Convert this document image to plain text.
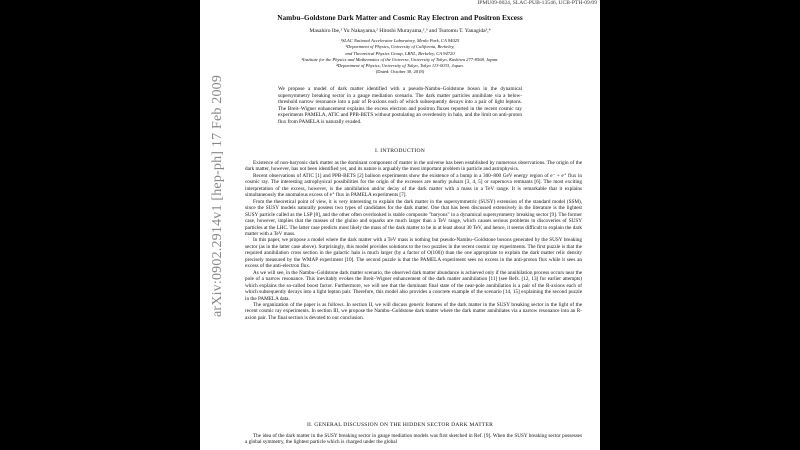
IPMU09-0024, SLAC-PUB-13546, UCB-PTH-09/09
Nambu–Goldstone Dark Matter and Cosmic Ray Electron and Positron Excess
Masahiro Ibe,¹ Yu Nakayama,² Hitoshi Murayama,²,³ and Tsutomu T. Yanagida³,⁴
¹SLAC National Accelerator Laboratory, Menlo Park, CA 94025
²Department of Physics, University of California, Berkeley,
and Theoretical Physics Group, LBNL, Berkeley, CA 94720
³Institute for the Physics and Mathematics of the Universe, University of Tokyo, Kashiwa 277-8568, Japan.
⁴Department of Physics, University of Tokyo, Tokyo 113-0033, Japan.
(Dated: October 30, 2018)
We propose a model of dark matter identified with a pseudo-Nambu–Goldstone boson in the dynamical supersymmetry breaking sector in a gauge mediation scenario. The dark matter particles annihilate via a below-threshold narrow resonance into a pair of R-axions each of which subsequently decays into a pair of light leptons. The Breit–Wigner enhancement explains the excess electron and positron fluxes reported in the recent cosmic ray experiments PAMELA, ATIC and PPB-BETS without postulating an overdensity in halo, and the limit on anti-proton flux from PAMELA is naturally evaded.
arXiv:0902.2914v1 [hep-ph] 17 Feb 2009	I. INTRODUCTION

Existence of non-baryonic dark matter as the dominant component of matter in the universe has been established by numerous observations. The origin of the dark matter, however, has not been identified yet, and its nature is arguably the most important problem in particle and astrophysics.

Recent observations of ATIC [1] and PPB-BETS [2] balloon experiments show the existence of a bump in a 300–800 GeV energy region of e⁻ + e⁺ flux in cosmic ray. The interesting astrophysical possibilities for the origin of the excesses are nearby pulsars [3, 4, 5] or supernova remnants [6]. The most exciting interpretation of the excess, however, is the annihilation and/or decay of the dark matter with a mass in a TeV range. It is remarkable that it explains simultaneously the anomalous excess of e⁺ flux in PAMELA experiments [7].

From the theoretical point of view, it is very interesting to explain the dark matter in the supersymmetric (SUSY) extension of the standard model (SSM), since the SUSY models naturally possess two types of candidates for the dark matter. One that has been discussed extensively in the literature is the lightest SUSY particle called as the LSP [8], and the other often overlooked is stable composite "baryons" in a dynamical supersymmetry breaking sector [9]. The former case, however, implies that the masses of the gluino and squarks are much larger than a TeV range, which causes serious problems in discoveries of SUSY particles at the LHC. The latter case predicts most likely the mass of the dark matter to be in at least about 30 TeV, and hence, it seems difficult to explain the dark matter with a TeV mass.

In this paper, we propose a model where the dark matter with a TeV mass is nothing but pseudo-Nambu–Goldstone bosons generated by the SUSY breaking sector (as in the latter case above). Surprisingly, this model provides solutions to the two puzzles in the recent cosmic ray experiments. The first puzzle is that the required annihilation cross section in the galactic halo is much larger (by a factor of O(100)) than the one appropriate to explain the dark matter relic density precisely measured by the WMAP experiment [10]. The second puzzle is that the PAMELA experiment sees no excess in the anti-proton flux while it sees an excess of the anti-electron flux.

As we will see, in the Nambu–Goldstone dark matter scenario, the observed dark matter abundance is achieved only if the annihilation process occurs near the pole of a narrow resonance. This inevitably evokes the Breit–Wigner enhancement of the dark matter annihilation [11] (see Refs. [12, 13] for earlier attempts) which explains the so-called boost factor. Furthermore, we will see that the dominant final state of the near-pole annihilation is a pair of the R-axions each of which subsequently decays into a light lepton pair. Therefore, this model also provides a concrete example of the scenario [14, 15] explaining the second puzzle in the PAMELA data.

The organization of the paper is as follows. In section II, we will discuss generic features of the dark matter in the SUSY breaking sector in the light of the recent cosmic ray experiments. In section III, we propose the Nambu–Goldstone dark matter where the dark matter annihilates via a narrow resonance into an R-axion pair. The final section is devoted to our conclusion.

II. GENERAL DISCUSSION ON THE HIDDEN SECTOR DARK MATTER

The idea of the dark matter in the SUSY breaking sector in gauge mediation models was first sketched in Ref. [9]. When the SUSY breaking sector possesses a global symmetry, the lightest particle which is charged under the global
